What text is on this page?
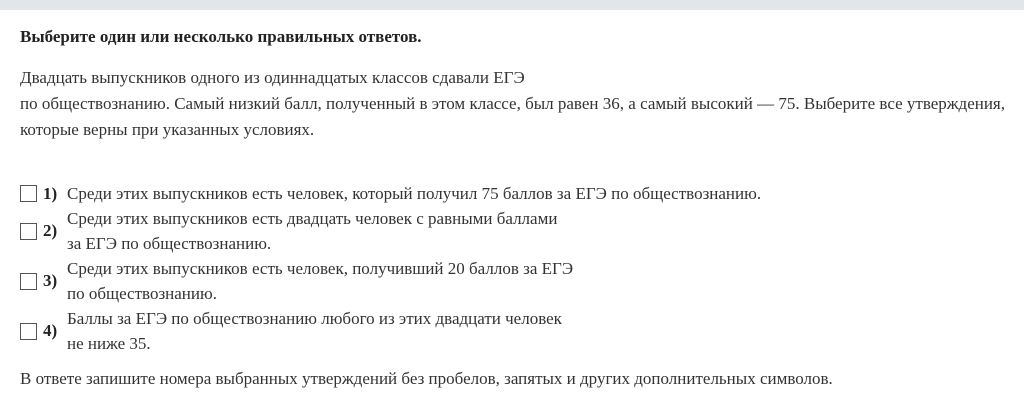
Выберите один или несколько правильных ответов.

Двадцать выпускников одного из одиннадцатых классов сдавали ЕГЭ
по обществознанию. Самый низкий балл, полученный в этом классе, был равен 36, а самый высокий — 75. Выберите все утверждения, которые верны при указанных условиях.

1) Среди этих выпускников есть человек, который получил 75 баллов за ЕГЭ по обществознанию.
2)
Среди этих выпускников есть двадцать человек с равными баллами
за ЕГЭ по обществознанию.
3)
Среди этих выпускников есть человек, получивший 20 баллов за ЕГЭ
по обществознанию.
4)
Баллы за ЕГЭ по обществознанию любого из этих двадцати человек
не ниже 35.

В ответе запишите номера выбранных утверждений без пробелов, запятых и других дополнительных символов.
